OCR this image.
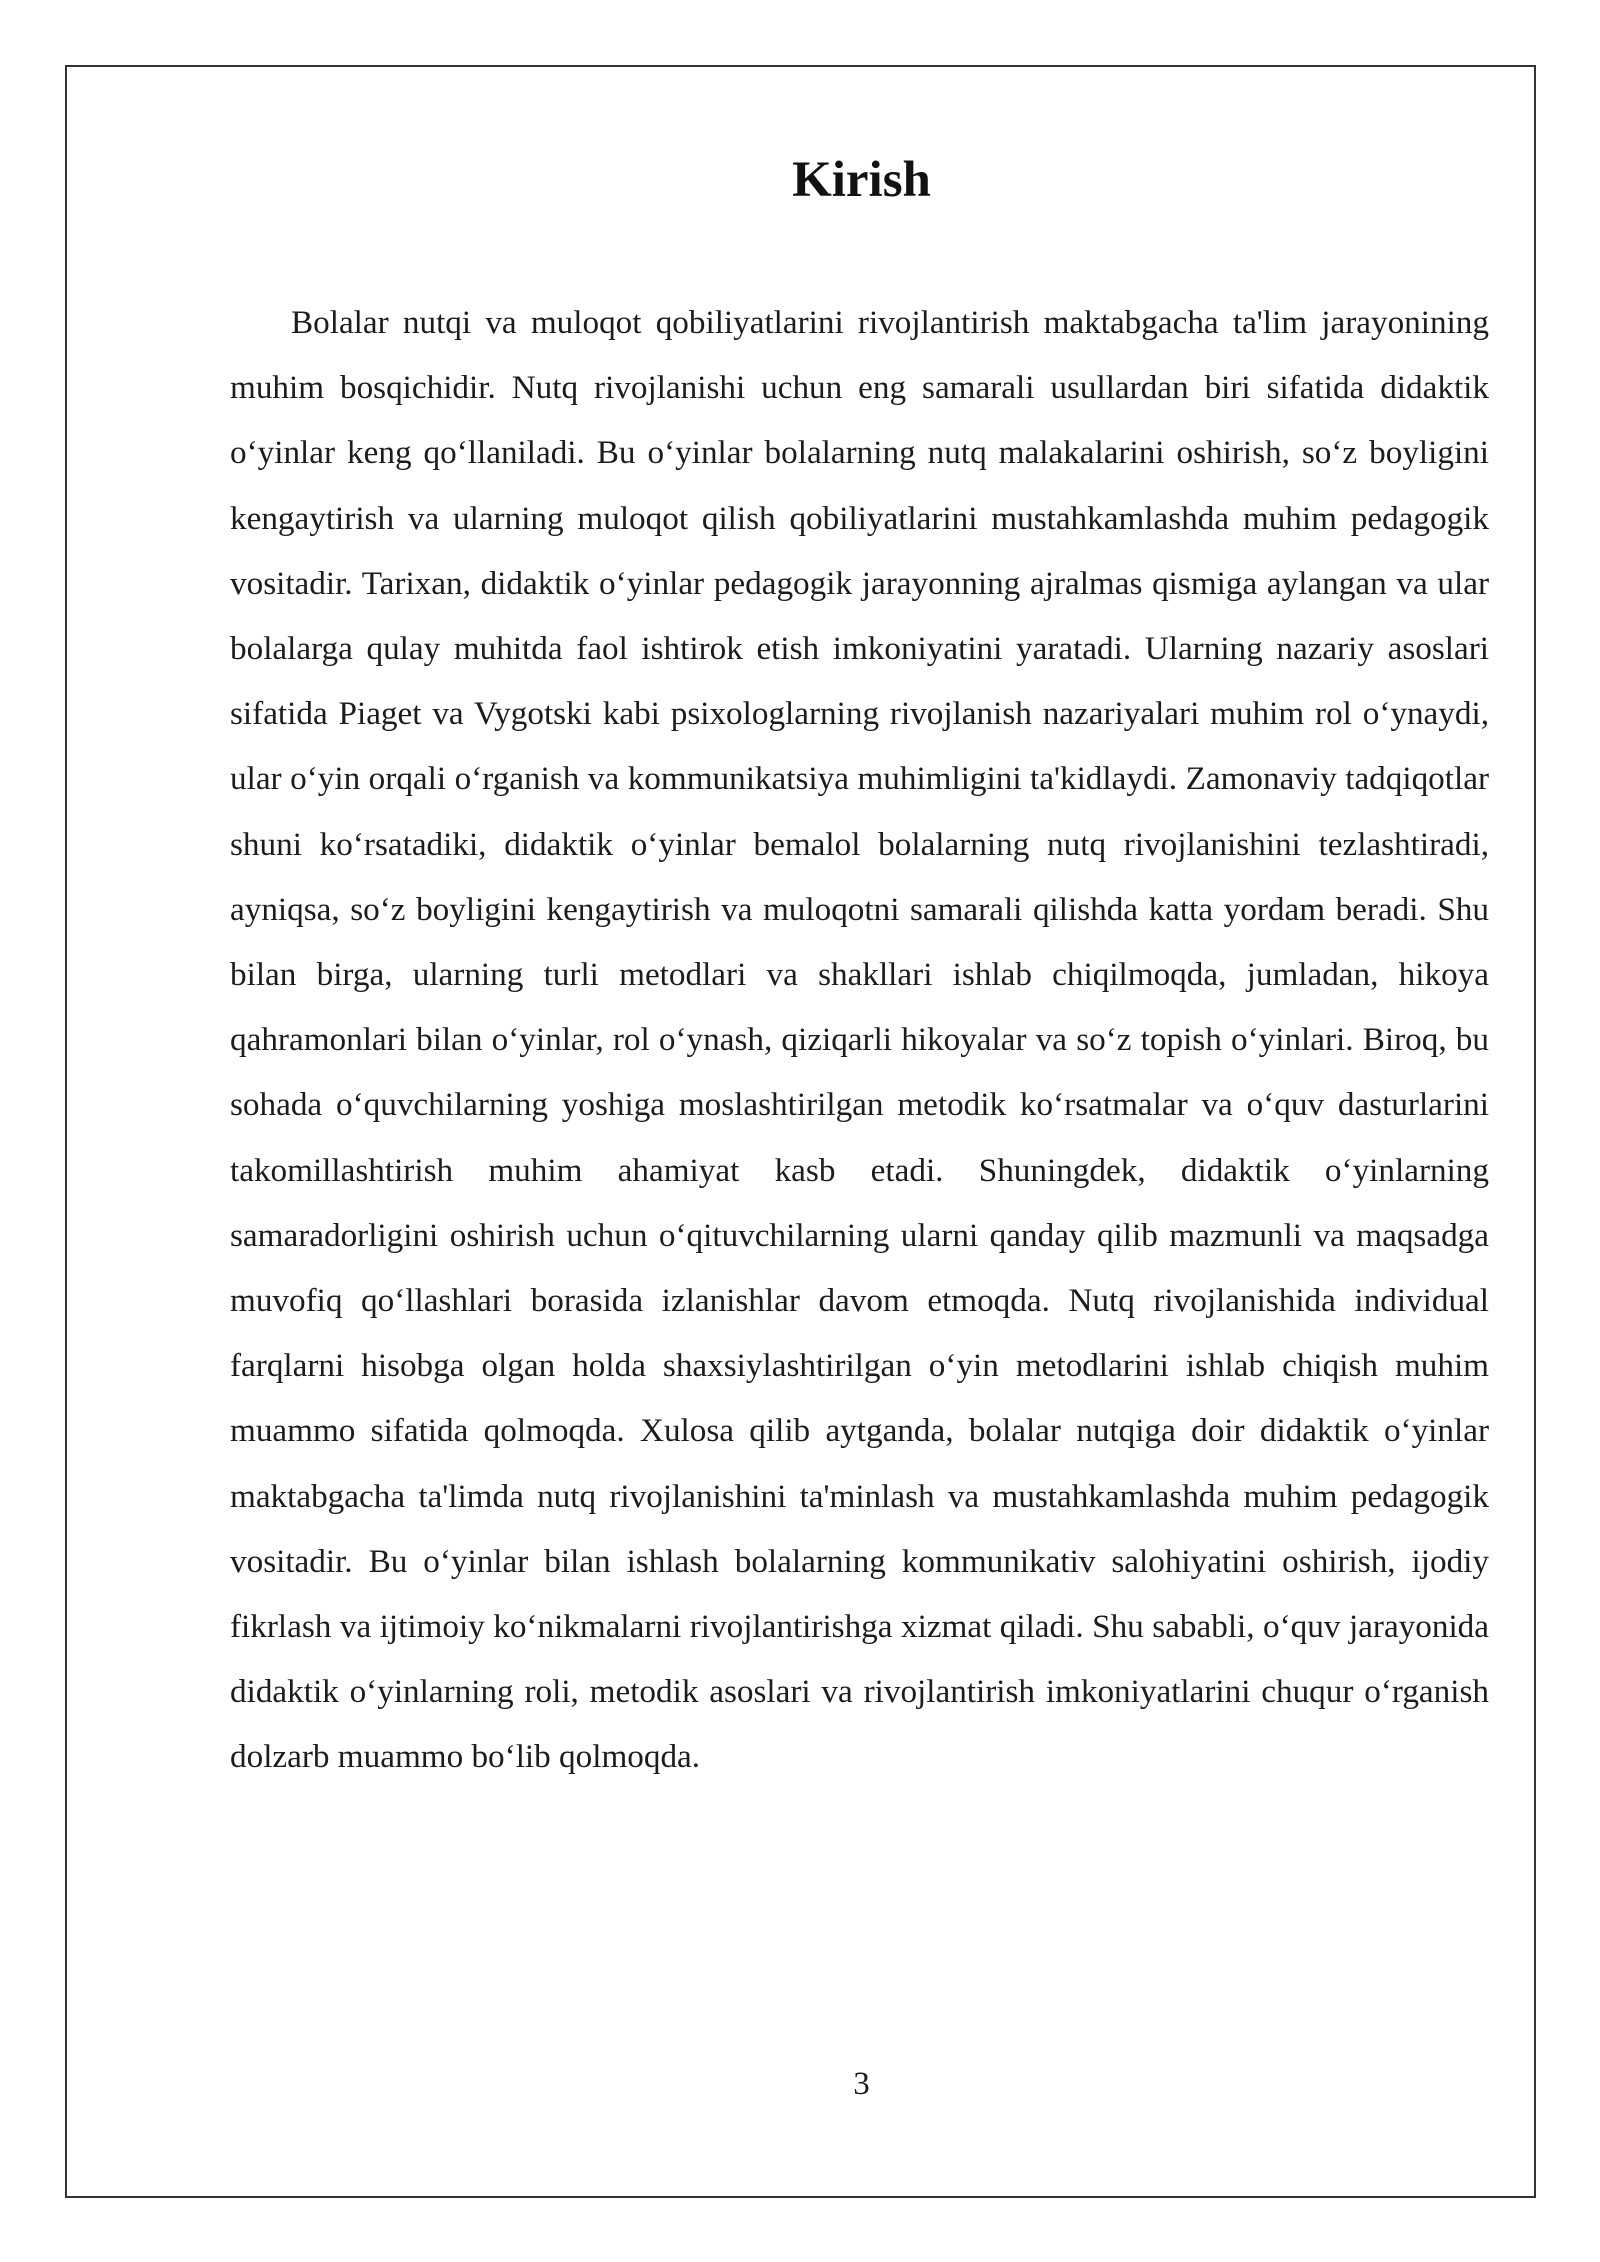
Kirish

Bolalar nutqi va muloqot qobiliyatlarini rivojlantirish maktabgacha ta'lim jarayonining muhim bosqichidir. Nutq rivojlanishi uchun eng samarali usullardan biri sifatida didaktik o‘yinlar keng qo‘llaniladi. Bu o‘yinlar bolalarning nutq malakalarini oshirish, so‘z boyligini kengaytirish va ularning muloqot qilish qobiliyatlarini mustahkamlashda muhim pedagogik vositadir. Tarixan, didaktik o‘yinlar pedagogik jarayonning ajralmas qismiga aylangan va ular bolalarga qulay muhitda faol ishtirok etish imkoniyatini yaratadi. Ularning nazariy asoslari sifatida Piaget va Vygotski kabi psixologlarning rivojlanish nazariyalari muhim rol o‘ynaydi, ular o‘yin orqali o‘rganish va kommunikatsiya muhimligini ta'kidlaydi. Zamonaviy tadqiqotlar shuni ko‘rsatadiki, didaktik o‘yinlar bemalol bolalarning nutq rivojlanishini tezlashtiradi, ayniqsa, so‘z boyligini kengaytirish va muloqotni samarali qilishda katta yordam beradi. Shu bilan birga, ularning turli metodlari va shakllari ishlab chiqilmoqda, jumladan, hikoya qahramonlari bilan o‘yinlar, rol o‘ynash, qiziqarli hikoyalar va so‘z topish o‘yinlari. Biroq, bu sohada o‘quvchilarning yoshiga moslashtirilgan metodik ko‘rsatmalar va o‘quv dasturlarini takomillashtirish muhim ahamiyat kasb etadi. Shuningdek, didaktik o‘yinlarning samaradorligini oshirish uchun o‘qituvchilarning ularni qanday qilib mazmunli va maqsadga muvofiq qo‘llashlari borasida izlanishlar davom etmoqda. Nutq rivojlanishida individual farqlarni hisobga olgan holda shaxsiylashtirilgan o‘yin metodlarini ishlab chiqish muhim muammo sifatida qolmoqda. Xulosa qilib aytganda, bolalar nutqiga doir didaktik o‘yinlar maktabgacha ta'limda nutq rivojlanishini ta'minlash va mustahkamlashda muhim pedagogik vositadir. Bu o‘yinlar bilan ishlash bolalarning kommunikativ salohiyatini oshirish, ijodiy fikrlash va ijtimoiy ko‘nikmalarni rivojlantirishga xizmat qiladi. Shu sababli, o‘quv jarayonida didaktik o‘yinlarning roli, metodik asoslari va rivojlantirish imkoniyatlarini chuqur o‘rganish dolzarb muammo bo‘lib qolmoqda.

3
